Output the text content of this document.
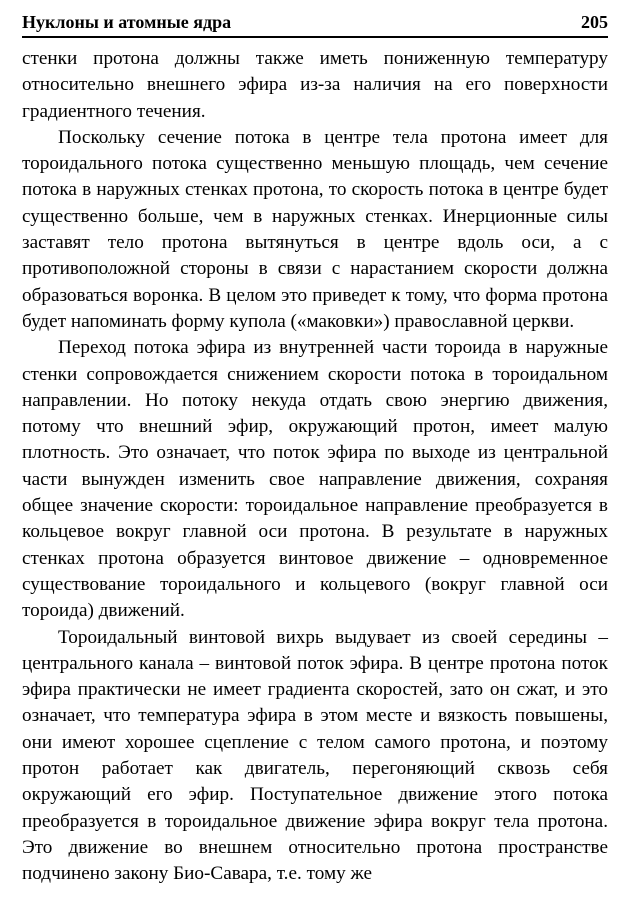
Нуклоны и атомные ядра	205

стенки протона должны также иметь пониженную температуру относительно внешнего эфира из-за наличия на его поверхности градиентного течения.

Поскольку сечение потока в центре тела протона имеет для тороидального потока существенно меньшую площадь, чем сечение потока в наружных стенках протона, то скорость потока в центре будет существенно больше, чем в наружных стенках. Инерционные силы заставят тело протона вытянуться в центре вдоль оси, а с противоположной стороны в связи с нарастанием скорости должна образоваться воронка. В целом это приведет к тому, что форма протона будет напоминать форму купола («маковки») православной церкви.

Переход потока эфира из внутренней части тороида в наружные стенки сопровождается снижением скорости потока в тороидальном направлении. Но потоку некуда отдать свою энергию движения, потому что внешний эфир, окружающий протон, имеет малую плотность. Это означает, что поток эфира по выходе из центральной части вынужден изменить свое направление движения, сохраняя общее значение скорости: тороидальное направление преобразуется в кольцевое вокруг главной оси протона. В результате в наружных стенках протона образуется винтовое движение – одновременное существование тороидального и кольцевого (вокруг главной оси тороида) движений.

Тороидальный винтовой вихрь выдувает из своей середины – центрального канала – винтовой поток эфира. В центре протона поток эфира практически не имеет градиента скоростей, зато он сжат, и это означает, что температура эфира в этом месте и вязкость повышены, они имеют хорошее сцепление с телом самого протона, и поэтому протон работает как двигатель, перегоняющий сквозь себя окружающий его эфир. Поступательное движение этого потока преобразуется в тороидальное движение эфира вокруг тела протона. Это движение во внешнем относительно протона пространстве подчинено закону Био-Савара, т.е. тому же
